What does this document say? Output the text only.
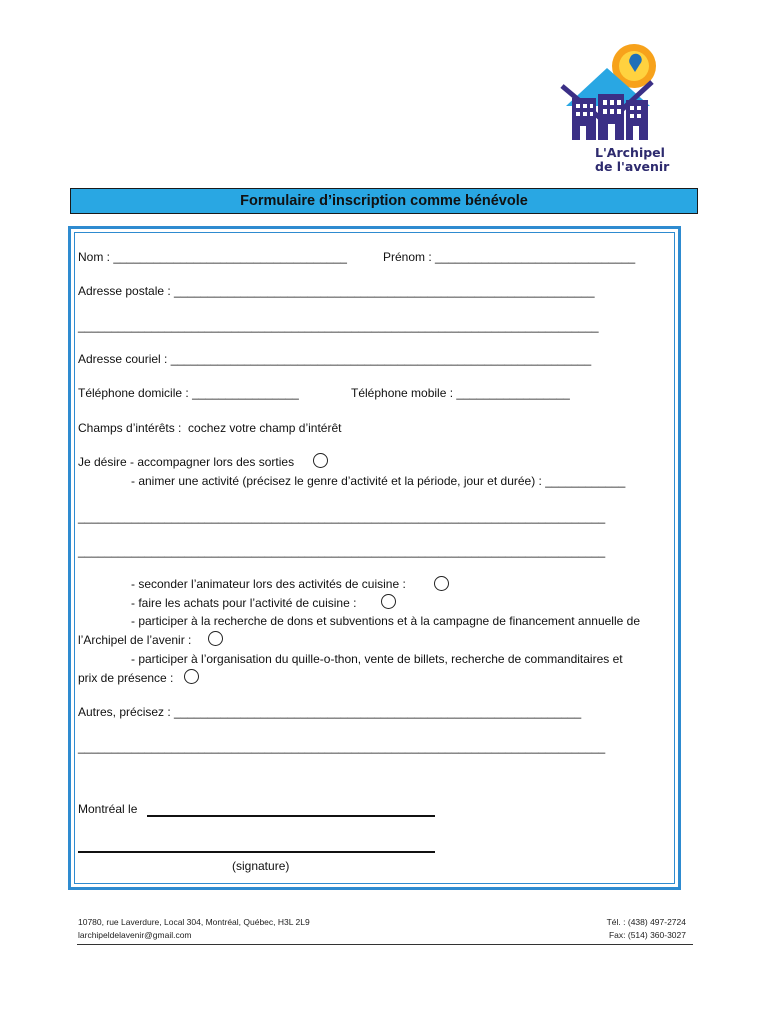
L'Archipel
de l'avenir
Formulaire d’inscription comme bénévole
Nom : ___________________________________	Prénom : ______________________________
Adresse postale : _______________________________________________________________
______________________________________________________________________________
Adresse couriel : _______________________________________________________________
Téléphone domicile : ________________	Téléphone mobile : _________________
Champs d’intérêts :  cochez votre champ d’intérêt
Je désire - accompagner lors des sorties
- animer une activité (précisez le genre d’activité et la période, jour et durée) : ____________
_______________________________________________________________________________
_______________________________________________________________________________
- seconder l’animateur lors des activités de cuisine :
- faire les achats pour l’activité de cuisine :
- participer à la recherche de dons et subventions et à la campagne de financement annuelle de
l’Archipel de l’avenir :
- participer à l’organisation du quille-o-thon, vente de billets, recherche de commanditaires et
prix de présence :
Autres, précisez : _____________________________________________________________
_______________________________________________________________________________
Montréal le
(signature)
10780, rue Laverdure, Local 304, Montréal, Québec, H3L 2L9
larchipeldelavenir@gmail.com
Tél. : (438) 497-2724
Fax: (514) 360-3027
